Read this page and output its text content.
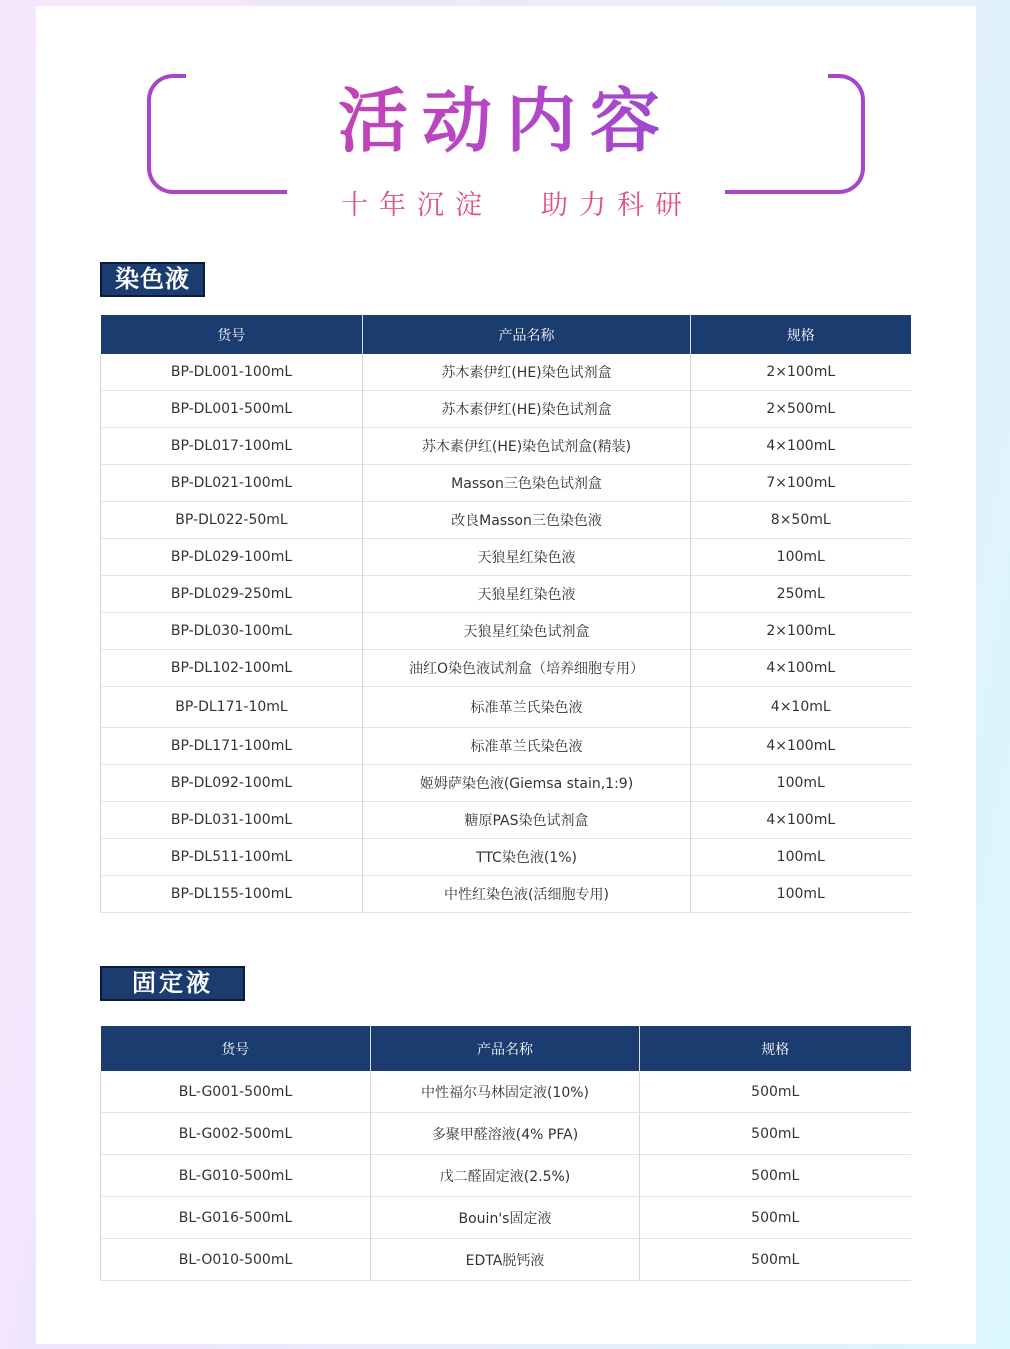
活动内容
十年沉淀 助力科研
染色液
货号	产品名称	规格
BP-DL001-100mL	苏木素伊红(HE)染色试剂盒	2×100mL
BP-DL001-500mL	苏木素伊红(HE)染色试剂盒	2×500mL
BP-DL017-100mL	苏木素伊红(HE)染色试剂盒(精装)	4×100mL
BP-DL021-100mL	Masson三色染色试剂盒	7×100mL
BP-DL022-50mL	改良Masson三色染色液	8×50mL
BP-DL029-100mL	天狼星红染色液	100mL
BP-DL029-250mL	天狼星红染色液	250mL
BP-DL030-100mL	天狼星红染色试剂盒	2×100mL
BP-DL102-100mL	油红O染色液试剂盒（培养细胞专用）	4×100mL
BP-DL171-10mL	标准革兰氏染色液	4×10mL
BP-DL171-100mL	标准革兰氏染色液	4×100mL
BP-DL092-100mL	姬姆萨染色液(Giemsa stain,1:9)	100mL
BP-DL031-100mL	糖原PAS染色试剂盒	4×100mL
BP-DL511-100mL	TTC染色液(1%)	100mL
BP-DL155-100mL	中性红染色液(活细胞专用)	100mL
固定液
货号	产品名称	规格
BL-G001-500mL	中性福尔马林固定液(10%)	500mL
BL-G002-500mL	多聚甲醛溶液(4% PFA)	500mL
BL-G010-500mL	戊二醛固定液(2.5%)	500mL
BL-G016-500mL	Bouin's固定液	500mL
BL-O010-500mL	EDTA脱钙液	500mL
